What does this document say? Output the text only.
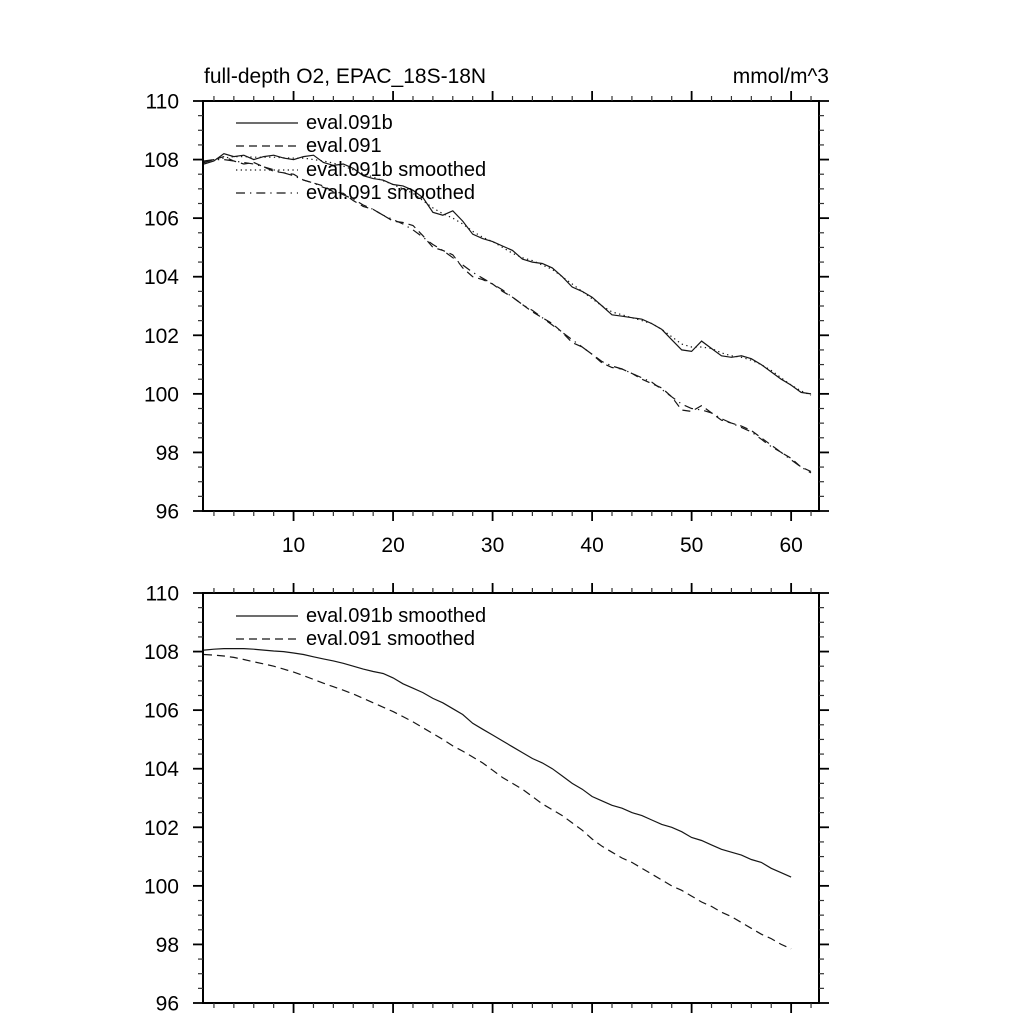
96
98
100
102
104
106
108
110
10	20	30	40	50	60
96
98
100
102
104
106
108
110
full-depth O2, EPAC_18S-18N	mmol/m^3
eval.091b
eval.091
eval.091b smoothed
eval.091 smoothed
eval.091b smoothed
eval.091 smoothed
